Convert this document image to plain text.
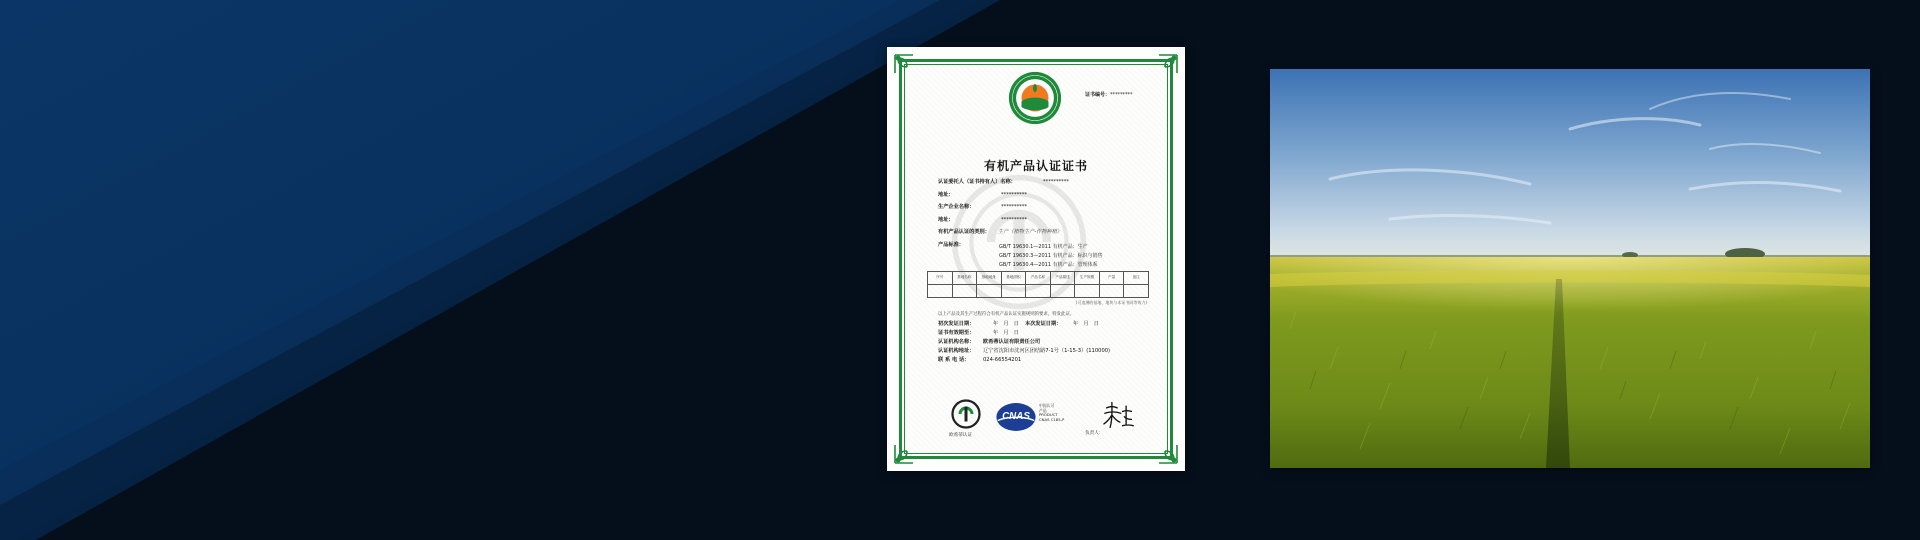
证书编号：*********
有机产品认证证书
认证委托人（证书持有人）名称：	**********
地址：	**********
生产企业名称：	**********
地址：	**********
有机产品认证的类别： 生产（植物生产-作物种植）
产品标准：	GB/T 19630.1—2011 有机产品：生产
GB/T 19630.3—2011 有机产品：标识与销售
GB/T 19630.4—2011 有机产品：管理体系
序号	基地名称	基地地址	基地面积	产品名称	产品描述	生产规模	产量	备注

(可追溯的基地、地块与本证书同等效力)
以上产品及其生产过程符合有机产品认证实施规则的要求，特发此证。
初次发证日期：	年　月　日 本次发证日期： 年　月　日
证书有效期至：	年　月　日
认证机构名称： 欧希蒂认证有限责任公司
认证机构地址： 辽宁省沈阳市沈河区团结路7-1号（1-15-3）(110000)
联 系 电 话：	024-66554201
欧希蒂认证
CNAS
中国认可
产品
PRODUCT
CNAS C185-P
负责人：
